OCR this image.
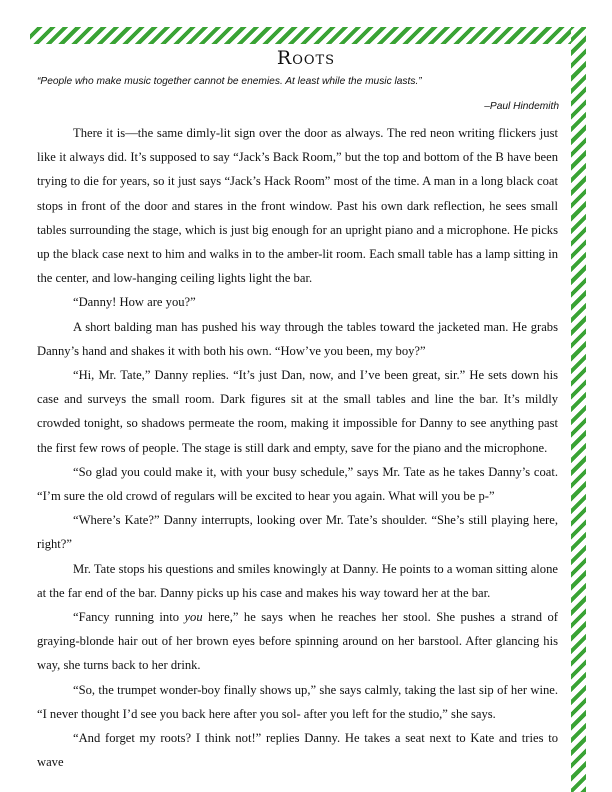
Roots
“People who make music together cannot be enemies. At least while the music lasts.”
–Paul Hindemith

There it is—the same dimly-lit sign over the door as always. The red neon writing flickers just like it always did. It’s supposed to say “Jack’s Back Room,” but the top and bottom of the B have been trying to die for years, so it just says “Jack’s Hack Room” most of the time. A man in a long black coat stops in front of the door and stares in the front window. Past his own dark reflection, he sees small tables surrounding the stage, which is just big enough for an upright piano and a microphone. He picks up the black case next to him and walks in to the amber-lit room. Each small table has a lamp sitting in the center, and low-hanging ceiling lights light the bar.

“Danny! How are you?”

A short balding man has pushed his way through the tables toward the jacketed man. He grabs Danny’s hand and shakes it with both his own. “How’ve you been, my boy?”

“Hi, Mr. Tate,” Danny replies. “It’s just Dan, now, and I’ve been great, sir.” He sets down his case and surveys the small room. Dark figures sit at the small tables and line the bar. It’s mildly crowded tonight, so shadows permeate the room, making it impossible for Danny to see anything past the first few rows of people. The stage is still dark and empty, save for the piano and the microphone.

“So glad you could make it, with your busy schedule,” says Mr. Tate as he takes Danny’s coat. “I’m sure the old crowd of regulars will be excited to hear you again. What will you be p-”

“Where’s Kate?” Danny interrupts, looking over Mr. Tate’s shoulder. “She’s still playing here, right?”

Mr. Tate stops his questions and smiles knowingly at Danny. He points to a woman sitting alone at the far end of the bar. Danny picks up his case and makes his way toward her at the bar.

“Fancy running into you here,” he says when he reaches her stool. She pushes a strand of graying-blonde hair out of her brown eyes before spinning around on her barstool. After glancing his way, she turns back to her drink.

“So, the trumpet wonder-boy finally shows up,” she says calmly, taking the last sip of her wine. “I never thought I’d see you back here after you sol- after you left for the studio,” she says.

“And forget my roots? I think not!” replies Danny. He takes a seat next to Kate and tries to wave
